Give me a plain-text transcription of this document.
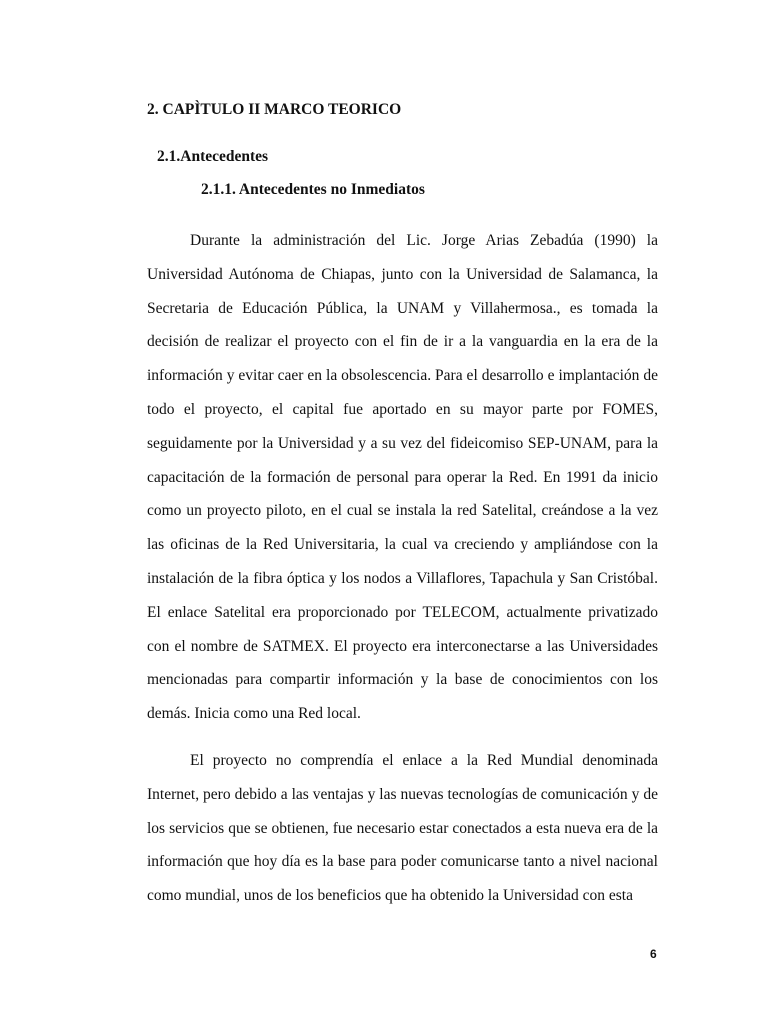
2. CAPÌTULO II MARCO TEORICO
2.1.Antecedentes
2.1.1. Antecedentes no Inmediatos

Durante la administración del Lic. Jorge Arias Zebadúa (1990) la Universidad Autónoma de Chiapas, junto con la Universidad de Salamanca, la Secretaria de Educación Pública, la UNAM y Villahermosa., es tomada la decisión de realizar el proyecto con el fin de ir a la vanguardia en la era de la información y evitar caer en la obsolescencia. Para el desarrollo e implantación de todo el proyecto, el capital fue aportado en su mayor parte por FOMES, seguidamente por la Universidad y a su vez del fideicomiso SEP-UNAM, para la capacitación de la formación de personal para operar la Red. En 1991 da inicio como un proyecto piloto, en el cual se instala la red Satelital, creándose a la vez las oficinas de la Red Universitaria, la cual va creciendo y ampliándose con la instalación de la fibra óptica y los nodos a Villaflores, Tapachula y San Cristóbal. El enlace Satelital era proporcionado por TELECOM, actualmente privatizado con el nombre de SATMEX. El proyecto era interconectarse a las Universidades mencionadas para compartir información y la base de conocimientos con los demás. Inicia como una Red local.

El proyecto no comprendía el enlace a la Red Mundial denominada Internet, pero debido a las ventajas y las nuevas tecnologías de comunicación y de los servicios que se obtienen, fue necesario estar conectados a esta nueva era de la información que hoy día es la base para poder comunicarse tanto a nivel nacional como mundial, unos de los beneficios que ha obtenido la Universidad con esta

6
